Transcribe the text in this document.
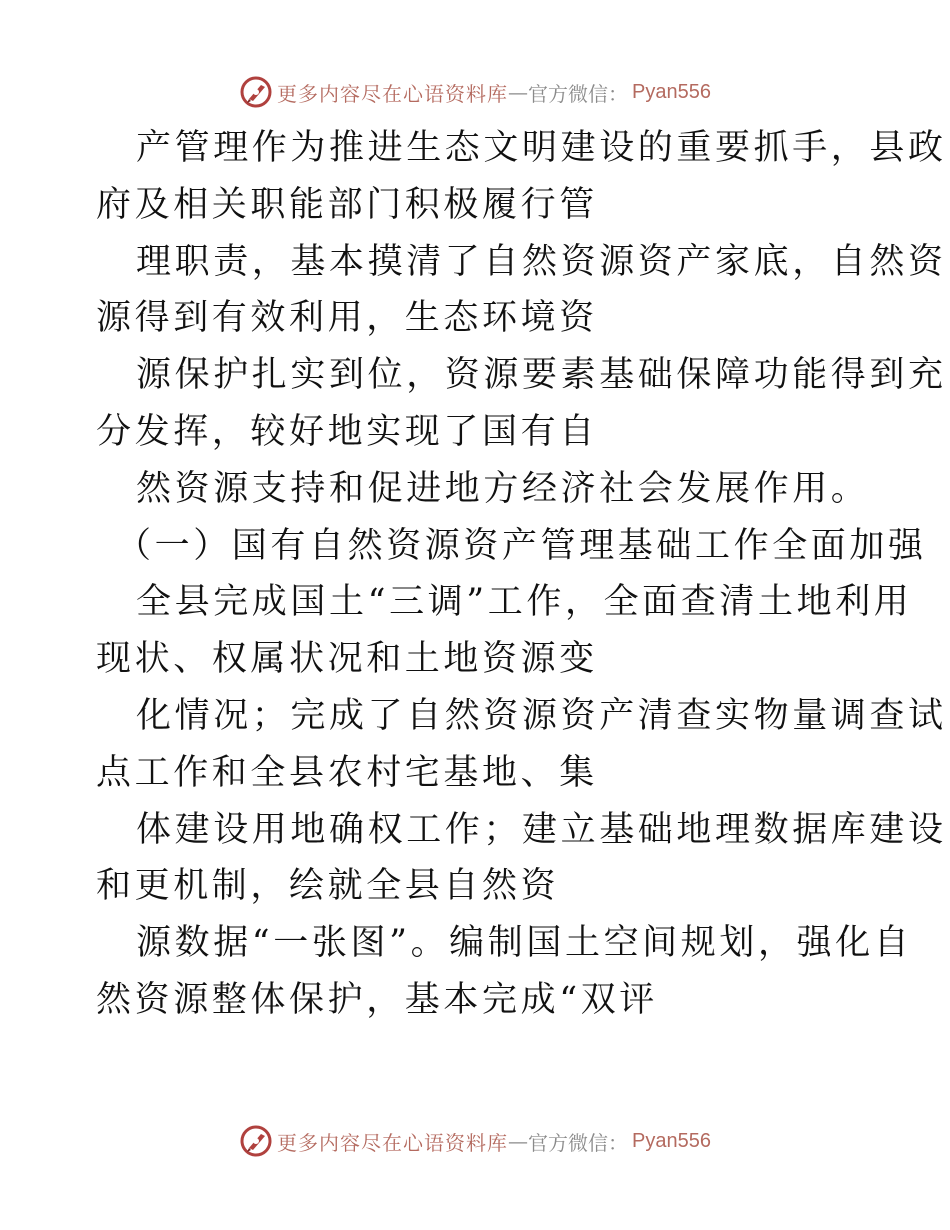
更多内容尽在心语资料库 — 官方微信： Pyan556
产管理作为推进生态文明建设的重要抓手，县政
府及相关职能部门积极履行管
理职责，基本摸清了自然资源资产家底，自然资
源得到有效利用，生态环境资
源保护扎实到位，资源要素基础保障功能得到充
分发挥，较好地实现了国有自
然资源支持和促进地方经济社会发展作用。
（一）国有自然资源资产管理基础工作全面加强
全县完成国土“三调”工作，全面查清土地利用
现状、权属状况和土地资源变
化情况；完成了自然资源资产清查实物量调查试
点工作和全县农村宅基地、集
体建设用地确权工作；建立基础地理数据库建设
和更机制，绘就全县自然资
源数据“一张图”。编制国土空间规划，强化自
然资源整体保护，基本完成“双评
更多内容尽在心语资料库 — 官方微信： Pyan556
